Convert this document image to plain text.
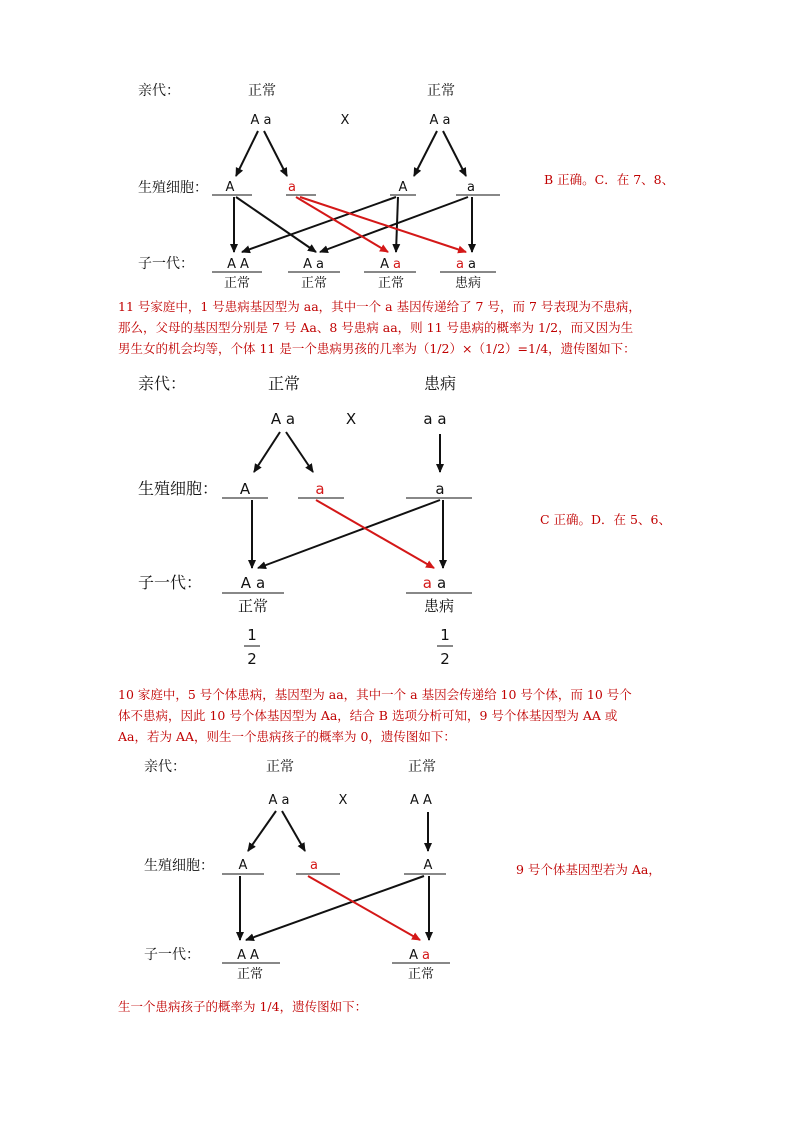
亲代：	正常	正常
A a	X	A a
生殖细胞： A	a	A	a
子一代：	A A	A a	A a	a a
正常	正常	正常	患病
亲代：	正常	患病
A a	X	a a
生殖细胞： A	a	a
子一代：	A a	a a
正常	患病
1
2
1
2
亲代：	正常	正常
A a	X	A A
生殖细胞： A	a	A
子一代：	A A	A a
正常	正常
B 正确。C．在 7、8、
C 正确。D．在 5、6、
9 号个体基因型若为 Aa，
11 号家庭中，1 号患病基因型为 aa，其中一个 a 基因传递给了 7 号，而 7 号表现为不患病，
那么，父母的基因型分别是 7 号 Aa、8 号患病 aa，则 11 号患病的概率为 1/2，而又因为生
男生女的机会均等，个体 11 是一个患病男孩的几率为（1/2）×（1/2）=1/4，遗传图如下：
10 家庭中，5 号个体患病，基因型为 aa，其中一个 a 基因会传递给 10 号个体，而 10 号个
体不患病，因此 10 号个体基因型为 Aa，结合 B 选项分析可知，9 号个体基因型为 AA 或
Aa，若为 AA，则生一个患病孩子的概率为 0，遗传图如下：
生一个患病孩子的概率为 1/4，遗传图如下：
